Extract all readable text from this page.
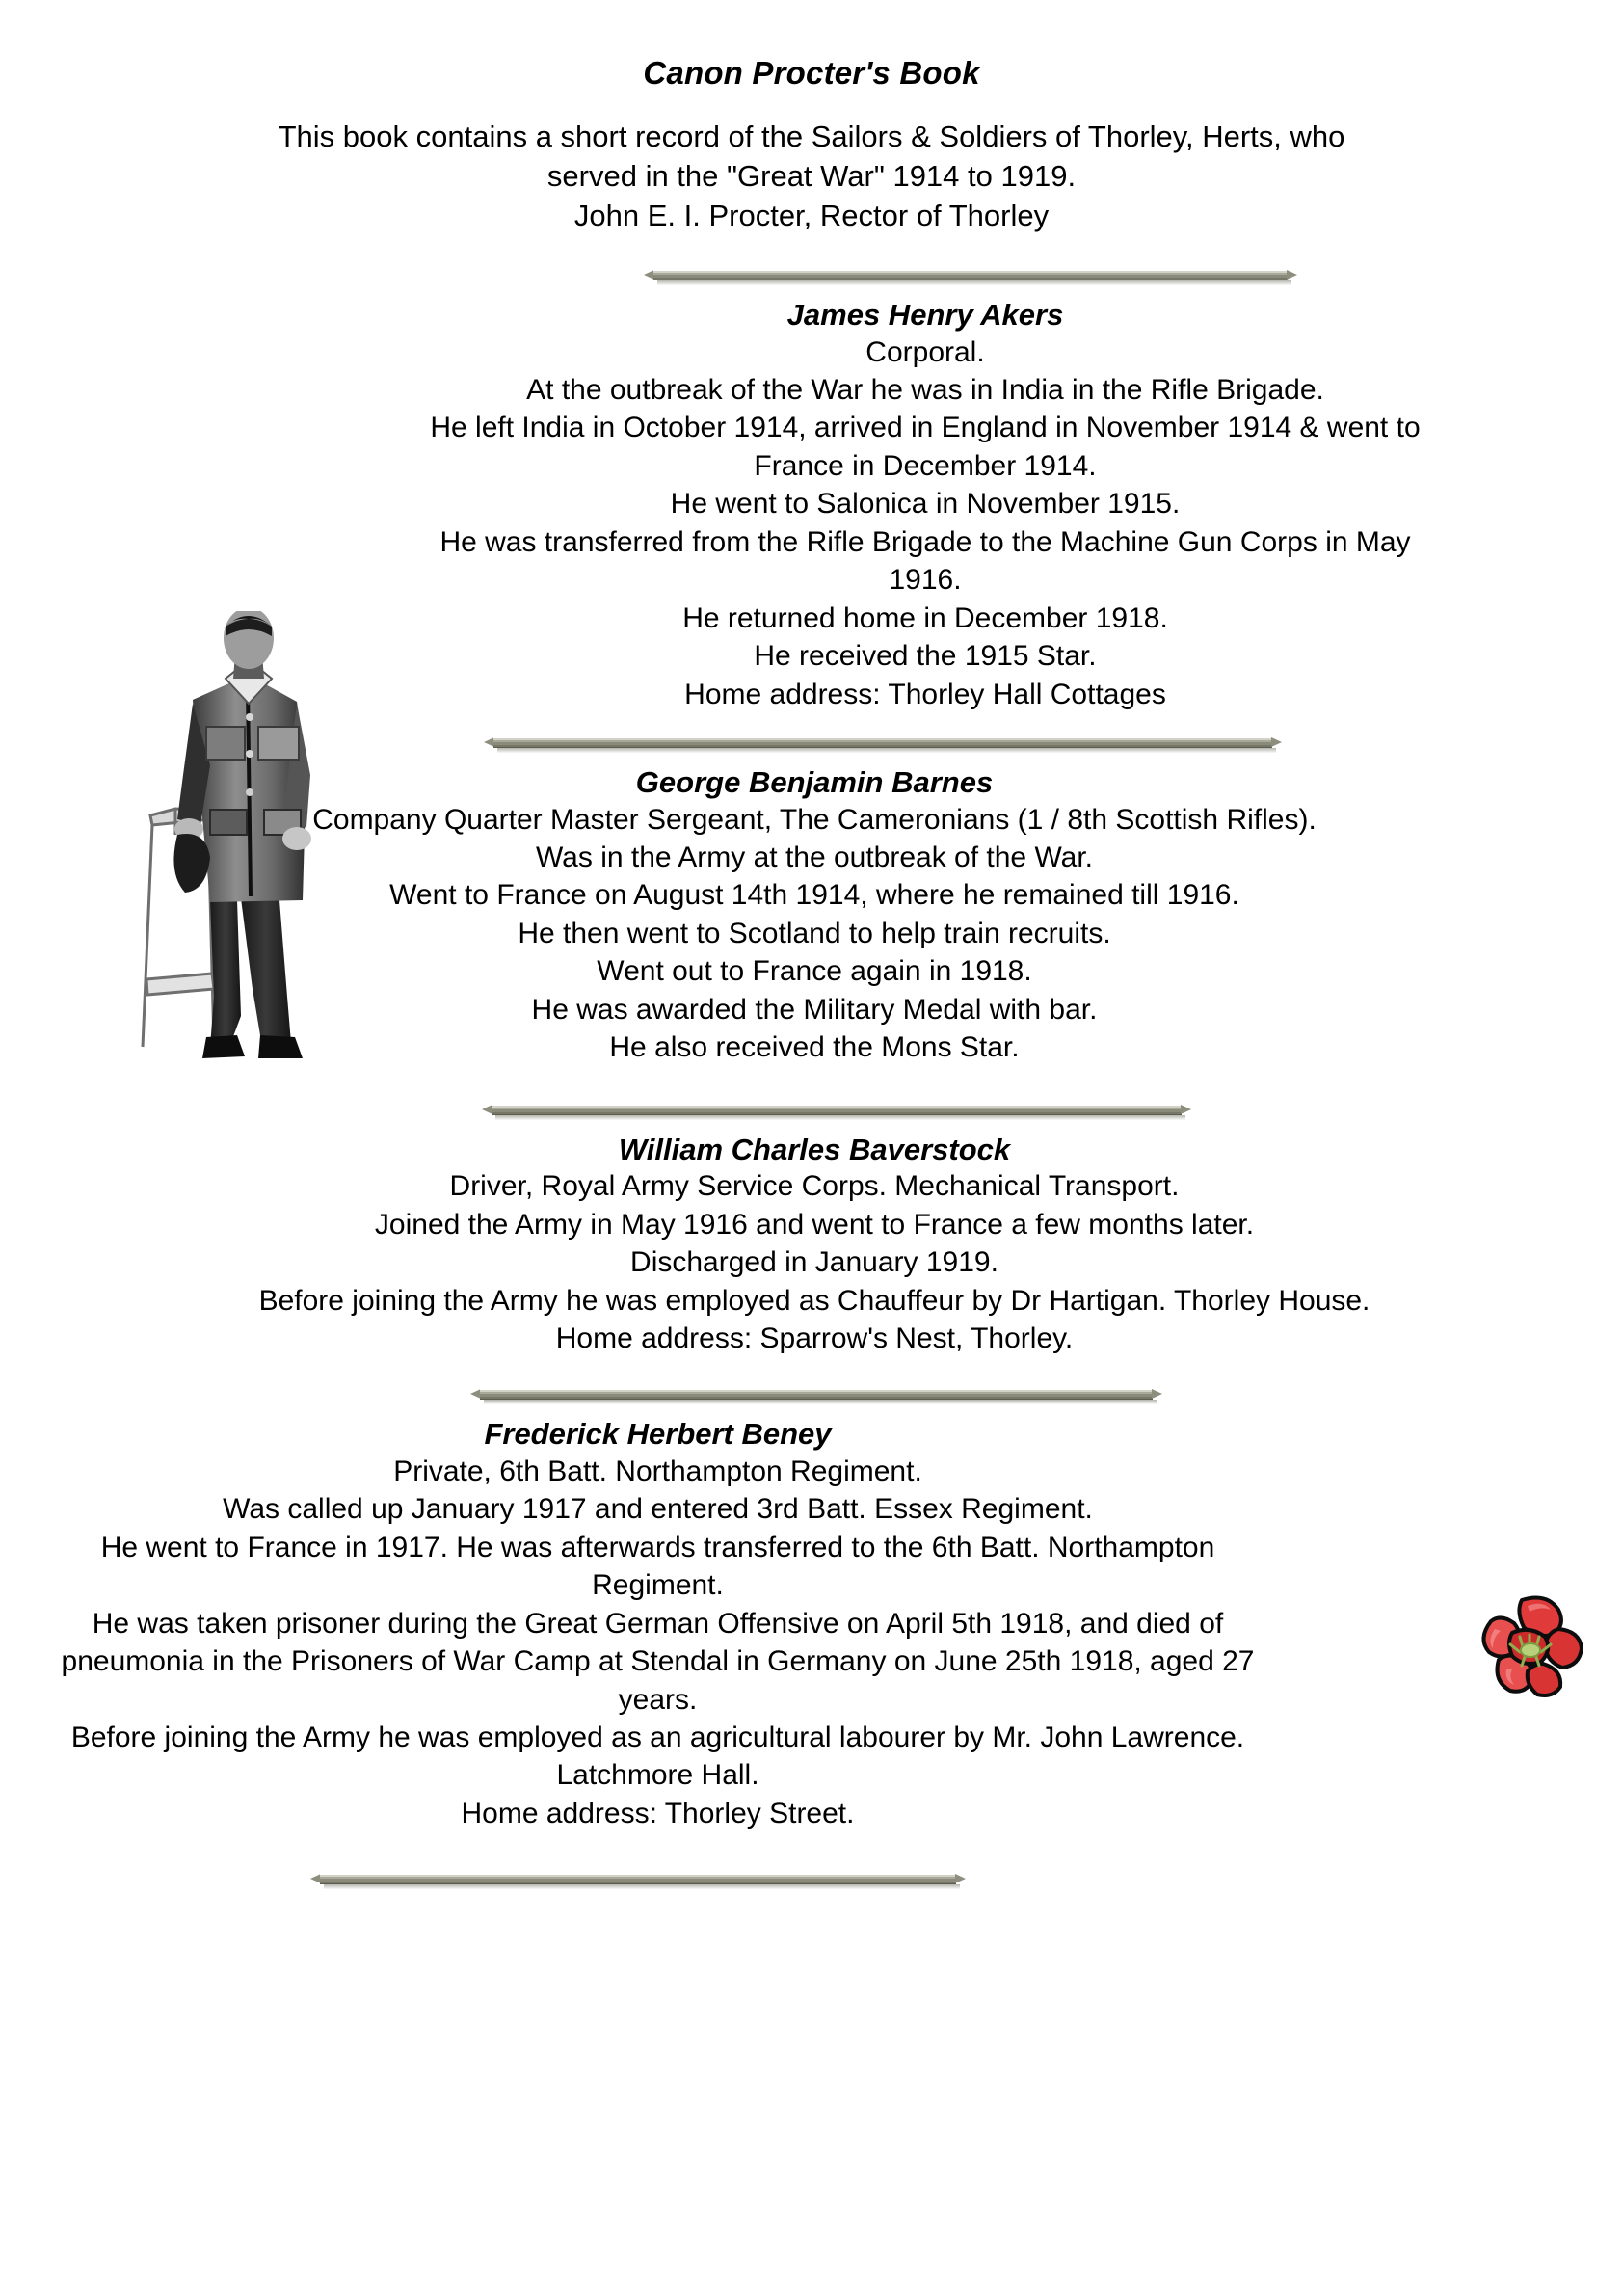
Canon Procter's Book
This book contains a short record of the Sailors & Soldiers of Thorley, Herts, who served in the "Great War" 1914 to 1919.
John E. I. Procter, Rector of Thorley
James Henry Akers
Corporal.
At the outbreak of the War he was in India in the Rifle Brigade.
He left India in October 1914, arrived in England in November 1914 & went to France in December 1914.
He went to Salonica in November 1915.
He was transferred from the Rifle Brigade to the Machine Gun Corps in May 1916.
He returned home in December 1918.
He received the 1915 Star.
Home address: Thorley Hall Cottages
George Benjamin Barnes
Company Quarter Master Sergeant, The Cameronians (1 / 8th Scottish Rifles).
Was in the Army at the outbreak of the War.
Went to France on August 14th 1914, where he remained till 1916.
He then went to Scotland to help train recruits.
Went out to France again in 1918.
He was awarded the Military Medal with bar.
He also received the Mons Star.
William Charles Baverstock
Driver, Royal Army Service Corps. Mechanical Transport.
Joined the Army in May 1916 and went to France a few months later.
Discharged in January 1919.
Before joining the Army he was employed as Chauffeur by Dr Hartigan. Thorley House.
Home address: Sparrow's Nest, Thorley.
Frederick Herbert Beney
Private, 6th Batt. Northampton Regiment.
Was called up January 1917 and entered 3rd Batt. Essex Regiment.
He went to France in 1917. He was afterwards transferred to the 6th Batt. Northampton Regiment.
He was taken prisoner during the Great German Offensive on April 5th 1918, and died of pneumonia in the Prisoners of War Camp at Stendal in Germany on June 25th 1918, aged 27 years.
Before joining the Army he was employed as an agricultural labourer by Mr. John Lawrence. Latchmore Hall.
Home address: Thorley Street.
